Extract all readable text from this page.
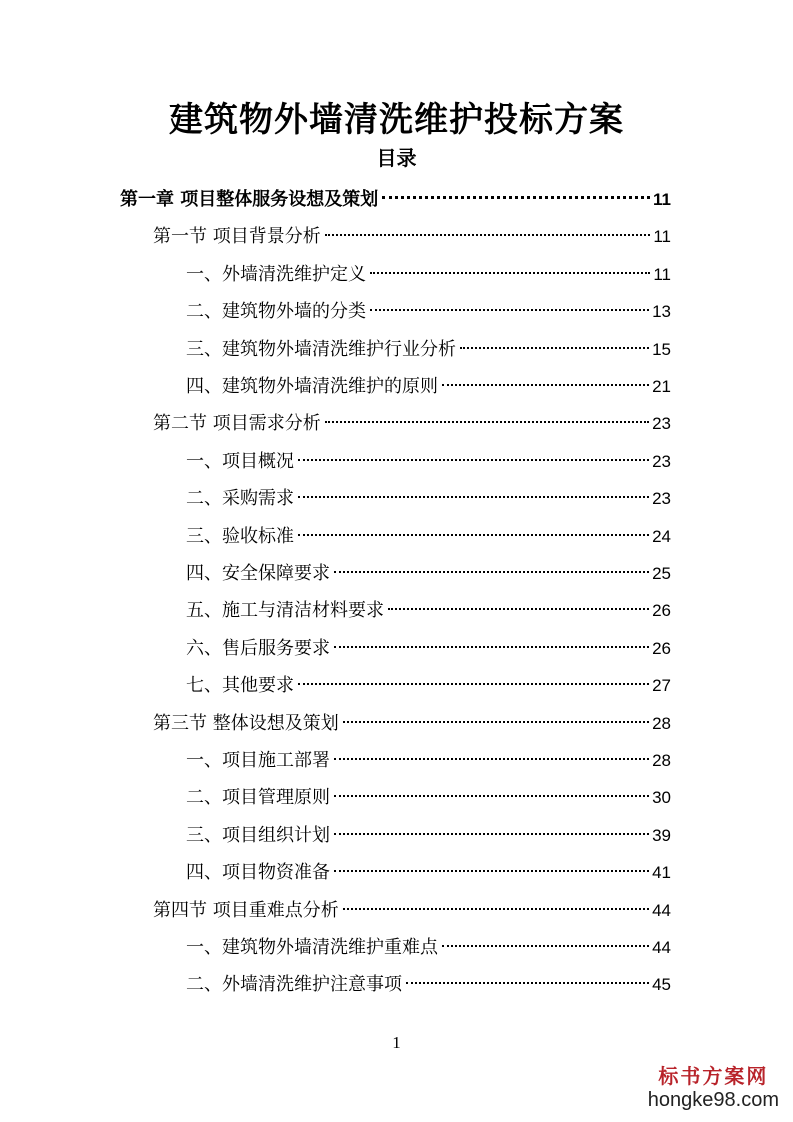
建筑物外墙清洗维护投标方案
目录
第一章 项目整体服务设想及策划	11
第一节 项目背景分析	11
一、外墙清洗维护定义	11
二、建筑物外墙的分类	13
三、建筑物外墙清洗维护行业分析	15
四、建筑物外墙清洗维护的原则	21
第二节 项目需求分析	23
一、项目概况	23
二、采购需求	23
三、验收标准	24
四、安全保障要求	25
五、施工与清洁材料要求	26
六、售后服务要求	26
七、其他要求	27
第三节 整体设想及策划	28
一、项目施工部署	28
二、项目管理原则	30
三、项目组织计划	39
四、项目物资准备	41
第四节 项目重难点分析	44
一、建筑物外墙清洗维护重难点	44
二、外墙清洗维护注意事项	45
1
标书方案网
hongke98.com
